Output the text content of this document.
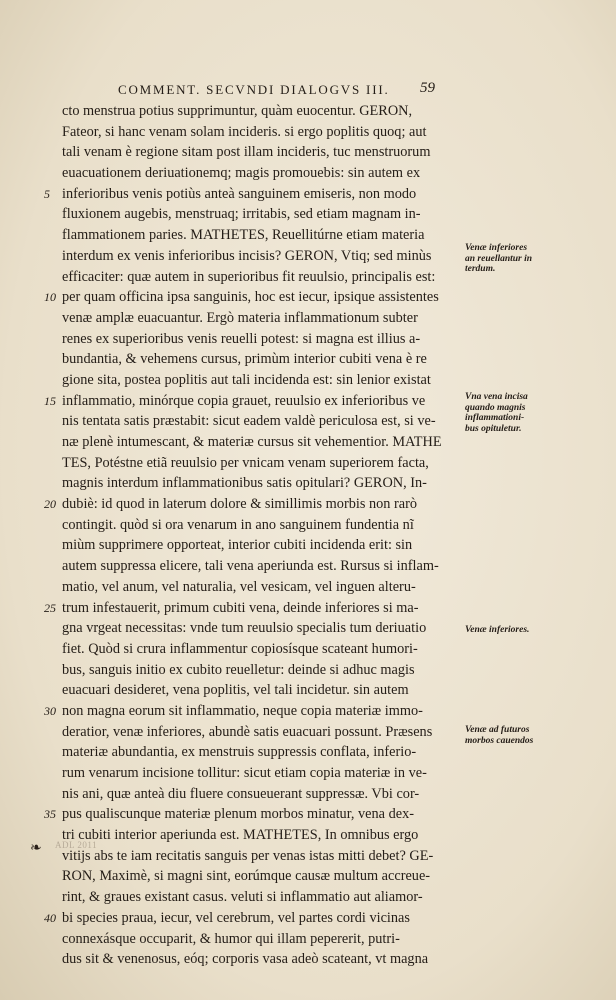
COMMENT. SECVNDI DIALOGVS III. 59
cto menstrua potius supprimuntur, quàm euocentur. GERON,
Fateor, si hanc venam solam incideris. si ergo poplitis quoq; aut
tali venam è regione sitam post illam incideris, tuc menstruorum
euacuationem deriuationemq; magis promouebis: sin autem ex
5 inferioribus venis potiùs anteà sanguinem emiseris, non modo
fluxionem augebis, menstruaq; irritabis, sed etiam magnam in-
flammationem paries. MATHETES, Reuellitúrne etiam materia
interdum ex venis inferioribus incisis? GERON, Vtiq; sed minùs
efficaciter: quæ autem in superioribus fit reuulsio, principalis est:
10 per quam officina ipsa sanguinis, hoc est iecur, ipsique assistentes
venæ amplæ euacuantur. Ergò materia inflammationum subter
renes ex superioribus venis reuelli potest: si magna est illius a-
bundantia, & vehemens cursus, primùm interior cubiti vena è re
gione sita, postea poplitis aut tali incidenda est: sin lenior existat
15 inflammatio, minórque copia grauet, reuulsio ex inferioribus ve
nis tentata satis præstabit: sicut eadem valdè periculosa est, si ve-
næ plenè intumescant, & materiæ cursus sit vehementior. MATHE
TES, Potéstne etiã reuulsio per vnicam venam superiorem facta,
magnis interdum inflammationibus satis opitulari? GERON, In-
20 dubiè: id quod in laterum dolore & simillimis morbis non rarò
contingit. quòd si ora venarum in ano sanguinem fundentia nĩ
miùm supprimere opporteat, interior cubiti incidenda erit: sin
autem suppressa elicere, tali vena aperiunda est. Rursus si inflam-
matio, vel anum, vel naturalia, vel vesicam, vel inguen alteru-
25 trum infestauerit, primum cubiti vena, deinde inferiores si ma-
gna vrgeat necessitas: vnde tum reuulsio specialis tum deriuatio
fiet. Quòd si crura inflammentur copiosísque scateant humori-
bus, sanguis initio ex cubito reuelletur: deinde si adhuc magis
euacuari desideret, vena poplitis, vel tali incidetur. sin autem
30 non magna eorum sit inflammatio, neque copia materiæ immo-
deratior, venæ inferiores, abundè satis euacuari possunt. Præsens
materiæ abundantia, ex menstruis suppressis conflata, inferio-
rum venarum incisione tollitur: sicut etiam copia materiæ in ve-
nis ani, quæ anteà diu fluere consueuerant suppressæ. Vbi cor-
35 pus qualiscunque materiæ plenum morbos minatur, vena dex-
tri cubiti interior aperiunda est. MATHETES, In omnibus ergo
vitijs abs te iam recitatis sanguis per venas istas mitti debet? GE-
RON, Maximè, si magni sint, eorúmque causæ multum accreue-
rint, & graues existant casus. veluti si inflammatio aut aliamor-
40 bi species praua, iecur, vel cerebrum, vel partes cordi vicinas
connexásque occuparit, & humor qui illam pepererit, putri-
dus sit & venenosus, eóq; corporis vasa adeò scateant, vt magna
Venæ inferiores
an reuellantur in
terdum.
Vna vena incisa
quando magnis
inflammationi-
bus opituletur.
Venæ inferiores.
Venæ ad futuros
morbos cauendos
❧ ADL 2011
